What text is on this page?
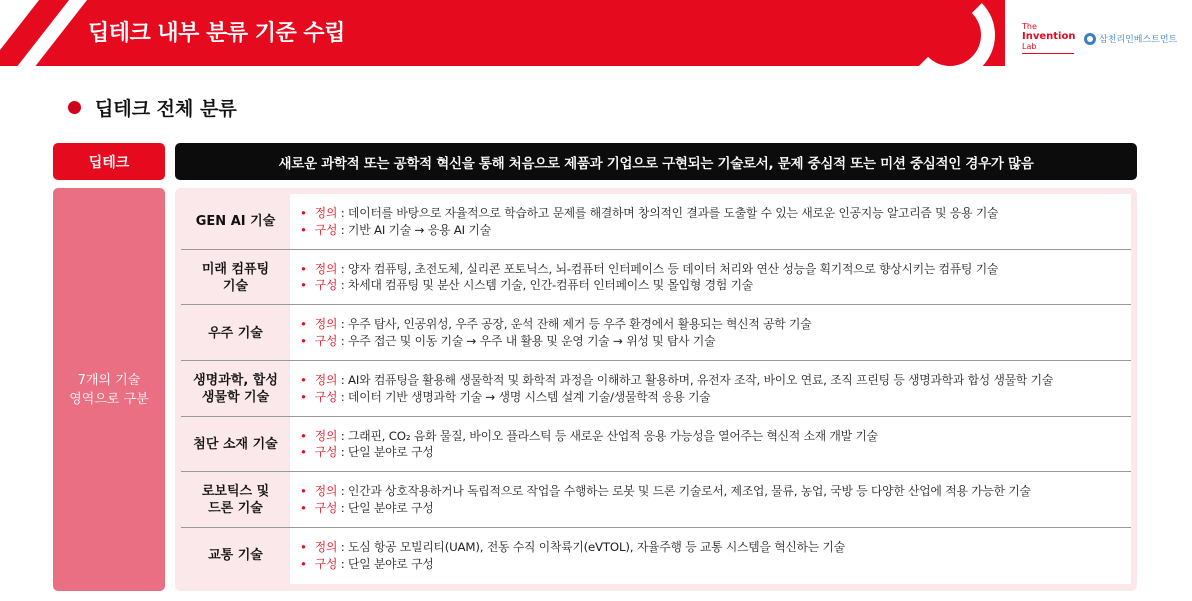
딥테크 내부 분류 기준 수립	The
Invention
Lab
삼천리인베스트먼트
딥테크 전체 분류
딥테크	새로운 과학적 또는 공학적 혁신을 통해 처음으로 제품과 기업으로 구현되는 기술로서, 문제 중심적 또는 미션 중심적인 경우가 많음
7개의 기술
영역으로 구분
GEN AI 기술
• 정의 : 데이터를 바탕으로 자율적으로 학습하고 문제를 해결하며 창의적인 결과를 도출할 수 있는 새로운 인공지능 알고리즘 및 응용 기술
• 구성 : 기반 AI 기술 → 응용 AI 기술
미래 컴퓨팅
기술
• 정의 : 양자 컴퓨팅, 초전도체, 실리콘 포토닉스, 뇌-컴퓨터 인터페이스 등 데이터 처리와 연산 성능을 획기적으로 향상시키는 컴퓨팅 기술
• 구성 : 차세대 컴퓨팅 및 분산 시스템 기술, 인간-컴퓨터 인터페이스 및 몰입형 경험 기술
우주 기술
• 정의 : 우주 탐사, 인공위성, 우주 공장, 운석 잔해 제거 등 우주 환경에서 활용되는 혁신적 공학 기술
• 구성 : 우주 접근 및 이동 기술 → 우주 내 활용 및 운영 기술 → 위성 및 탐사 기술
생명과학, 합성
생물학 기술
• 정의 : AI와 컴퓨팅을 활용해 생물학적 및 화학적 과정을 이해하고 활용하며, 유전자 조작, 바이오 연료, 조직 프린팅 등 생명과학과 합성 생물학 기술
• 구성 : 데이터 기반 생명과학 기술 → 생명 시스템 설계 기술/생물학적 응용 기술
첨단 소재 기술
• 정의 : 그래핀, CO₂ 음화 물질, 바이오 플라스틱 등 새로운 산업적 응용 가능성을 열어주는 혁신적 소재 개발 기술
• 구성 : 단일 분야로 구성
로보틱스 및
드론 기술
• 정의 : 인간과 상호작용하거나 독립적으로 작업을 수행하는 로봇 및 드론 기술로서, 제조업, 물류, 농업, 국방 등 다양한 산업에 적용 가능한 기술
• 구성 : 단일 분야로 구성
교통 기술
• 정의 : 도심 항공 모빌리티(UAM), 전동 수직 이착륙기(eVTOL), 자율주행 등 교통 시스템을 혁신하는 기술
• 구성 : 단일 분야로 구성
